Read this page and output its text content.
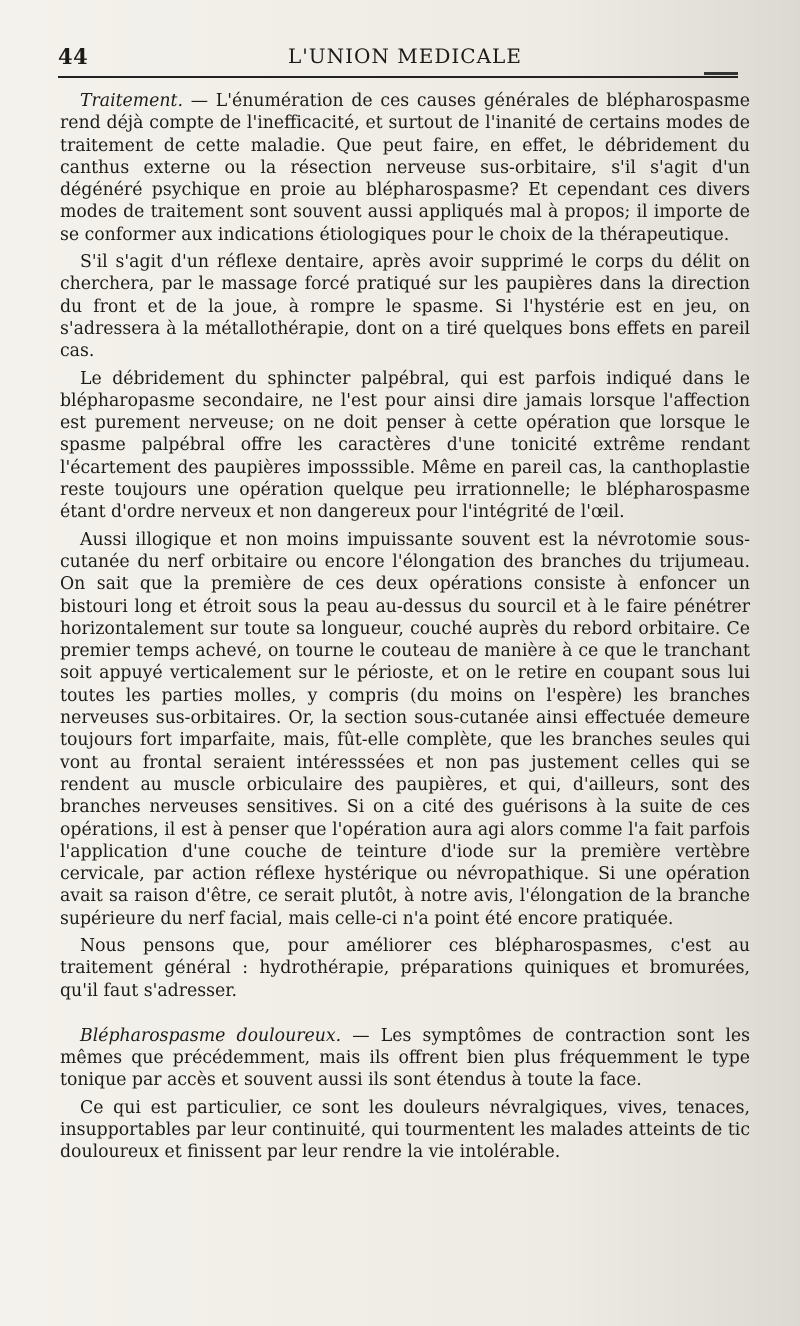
44	L'UNION MEDICALE

Traitement. — L'énumération de ces causes générales de blépharospasme rend déjà compte de l'inefficacité, et surtout de l'inanité de certains modes de traitement de cette maladie. Que peut faire, en effet, le débridement du canthus externe ou la résection nerveuse sus-orbitaire, s'il s'agit d'un dégénéré psychique en proie au blépharospasme? Et cependant ces divers modes de traitement sont souvent aussi appliqués mal à propos; il importe de se conformer aux indications étiologiques pour le choix de la thérapeutique.

S'il s'agit d'un réflexe dentaire, après avoir supprimé le corps du délit on cherchera, par le massage forcé pratiqué sur les paupières dans la direction du front et de la joue, à rompre le spasme. Si l'hystérie est en jeu, on s'adressera à la métallothérapie, dont on a tiré quelques bons effets en pareil cas.

Le débridement du sphincter palpébral, qui est parfois indiqué dans le blépharopasme secondaire, ne l'est pour ainsi dire jamais lorsque l'affection est purement nerveuse; on ne doit penser à cette opération que lorsque le spasme palpébral offre les caractères d'une tonicité extrême rendant l'écartement des paupières imposssible. Même en pareil cas, la canthoplastie reste toujours une opération quelque peu irrationnelle; le blépharospasme étant d'ordre nerveux et non dangereux pour l'intégrité de l'œil.

Aussi illogique et non moins impuissante souvent est la névrotomie sous-cutanée du nerf orbitaire ou encore l'élongation des branches du trijumeau. On sait que la première de ces deux opérations consiste à enfoncer un bistouri long et étroit sous la peau au-dessus du sourcil et à le faire pénétrer horizontalement sur toute sa longueur, couché auprès du rebord orbitaire. Ce premier temps achevé, on tourne le couteau de manière à ce que le tranchant soit appuyé verticalement sur le périoste, et on le retire en coupant sous lui toutes les parties molles, y compris (du moins on l'espère) les branches nerveuses sus-orbitaires. Or, la section sous-cutanée ainsi effectuée demeure toujours fort imparfaite, mais, fût-elle complète, que les branches seules qui vont au frontal seraient intéresssées et non pas justement celles qui se rendent au muscle orbiculaire des paupières, et qui, d'ailleurs, sont des branches nerveuses sensitives. Si on a cité des guérisons à la suite de ces opérations, il est à penser que l'opération aura agi alors comme l'a fait parfois l'application d'une couche de teinture d'iode sur la première vertèbre cervicale, par action réflexe hystérique ou névropathique. Si une opération avait sa raison d'être, ce serait plutôt, à notre avis, l'élongation de la branche supérieure du nerf facial, mais celle-ci n'a point été encore pratiquée.

Nous pensons que, pour améliorer ces blépharospasmes, c'est au traitement général : hydrothérapie, préparations quiniques et bromurées, qu'il faut s'adresser.

Blépharospasme douloureux. — Les symptômes de contraction sont les mêmes que précédemment, mais ils offrent bien plus fréquemment le type tonique par accès et souvent aussi ils sont étendus à toute la face.

Ce qui est particulier, ce sont les douleurs névralgiques, vives, tenaces, insupportables par leur continuité, qui tourmentent les malades atteints de tic douloureux et finissent par leur rendre la vie intolérable.
